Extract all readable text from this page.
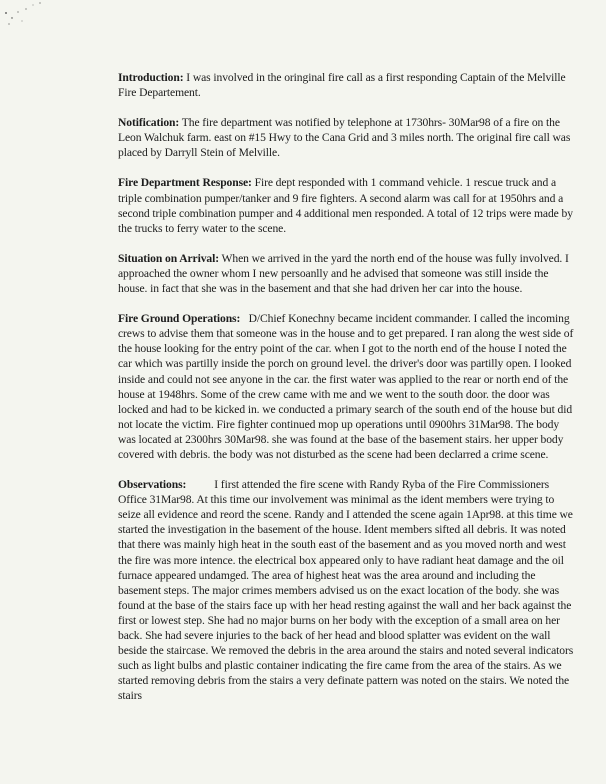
Introduction: I was involved in the oringinal fire call as a first responding Captain of the Melville Fire Departement.

Notification: The fire department was notified by telephone at 1730hrs- 30Mar98 of a fire on the Leon Walchuk farm. east on #15 Hwy to the Cana Grid and 3 miles north. The original fire call was placed by Darryll Stein of Melville.

Fire Department Response: Fire dept responded with 1 command vehicle. 1 rescue truck and a triple combination pumper/tanker and 9 fire fighters. A second alarm was call for at 1950hrs and a second triple combination pumper and 4 additional men responded. A total of 12 trips were made by the trucks to ferry water to the scene.

Situation on Arrival: When we arrived in the yard the north end of the house was fully involved. I approached the owner whom I new persoanlly and he advised that someone was still inside the house. in fact that she was in the basement and that she had driven her car into the house.

Fire Ground Operations:   D/Chief Konechny became incident commander. I called the incoming crews to advise them that someone was in the house and to get prepared. I ran along the west side of the house looking for the entry point of the car. when I got to the north end of the house I noted the car which was partilly inside the porch on ground level. the driver's door was partilly open. I looked inside and could not see anyone in the car. the first water was applied to the rear or north end of the house at 1948hrs. Some of the crew came with me and we went to the south door. the door was locked and had to be kicked in. we conducted a primary search of the south end of the house but did not locate the victim. Fire fighter continued mop up operations until 0900hrs 31Mar98. The body was located at 2300hrs 30Mar98. she was found at the base of the basement stairs. her upper body covered with debris. the body was not disturbed as the scene had been declarred a crime scene.

Observations:          I first attended the fire scene with Randy Ryba of the Fire Commissioners Office 31Mar98. At this time our involvement was minimal as the ident members were trying to seize all evidence and reord the scene. Randy and I attended the scene again 1Apr98. at this time we started the investigation in the basement of the house. Ident members sifted all debris. It was noted that there was mainly high heat in the south east of the basement and as you moved north and west the fire was more intence. the electrical box appeared only to have radiant heat damage and the oil furnace appeared undamged. The area of highest heat was the area around and including the basement steps. The major crimes members advised us on the exact location of the body. she was found at the base of the stairs face up with her head resting against the wall and her back against the first or lowest step. She had no major burns on her body with the exception of a small area on her back. She had severe injuries to the back of her head and blood splatter was evident on the wall beside the staircase. We removed the debris in the area around the stairs and noted several indicators such as light bulbs and plastic container indicating the fire came from the area of the stairs. As we started removing debris from the stairs a very definate pattern was noted on the stairs. We noted the stairs
